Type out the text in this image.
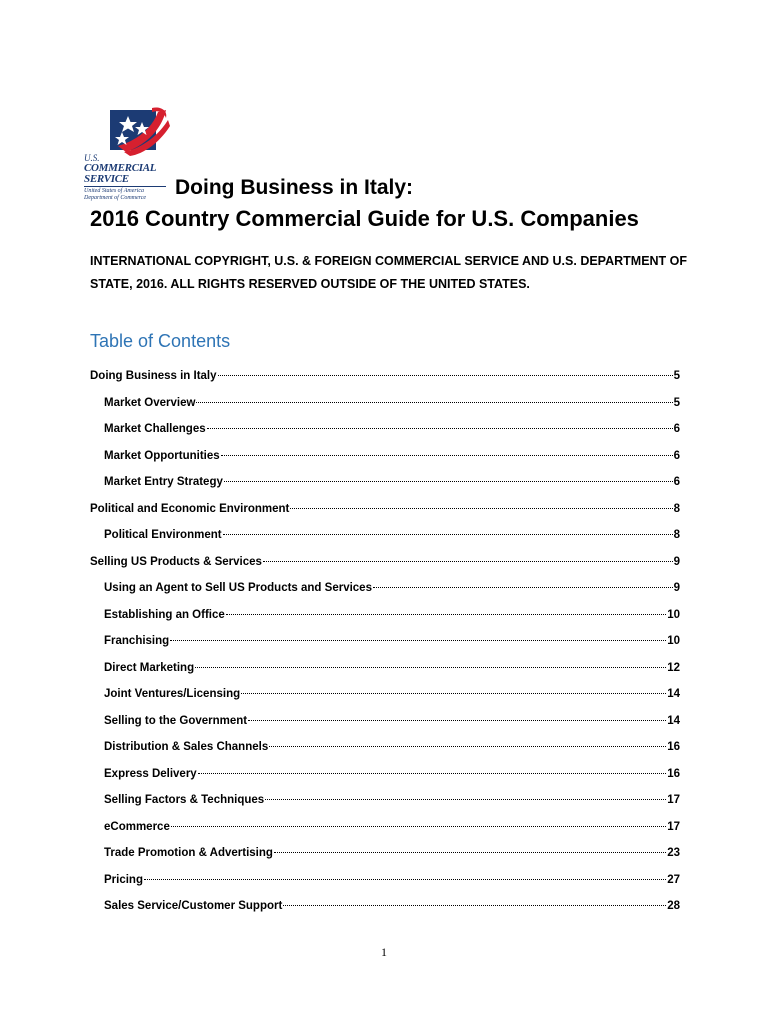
U.S.
COMMERCIAL
SERVICE
United States of America
Department of Commerce	Doing Business in Italy:
2016 Country Commercial Guide for U.S. Companies

INTERNATIONAL COPYRIGHT, U.S. & FOREIGN COMMERCIAL SERVICE AND U.S. DEPARTMENT OF STATE, 2016. ALL RIGHTS RESERVED OUTSIDE OF THE UNITED STATES.

Table of Contents
Doing Business in Italy	5
Market Overview	5
Market Challenges	6
Market Opportunities	6
Market Entry Strategy	6
Political and Economic Environment	8
Political Environment	8
Selling US Products & Services	9
Using an Agent to Sell US Products and Services	9
Establishing an Office	10
Franchising	10
Direct Marketing	12
Joint Ventures/Licensing	14
Selling to the Government	14
Distribution & Sales Channels	16
Express Delivery	16
Selling Factors & Techniques	17
eCommerce	17
Trade Promotion & Advertising	23
Pricing	27
Sales Service/Customer Support	28
1
